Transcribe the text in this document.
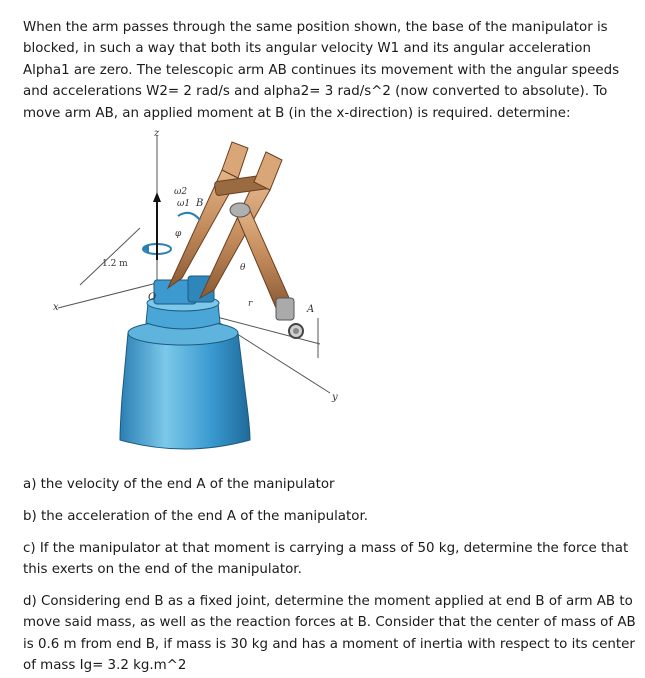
When the arm passes through the same position shown, the base of the manipulator is blocked, in such a way that both its angular velocity W1 and its angular acceleration Alpha1 are zero. The telescopic arm AB continues its movement with the angular speeds and accelerations W2= 2 rad/s and alpha2= 3 rad/s^2 (now converted to absolute). To move arm AB, an applied moment at B (in the x-direction) is required. determine:
z
x
y
1.2 m
ω1
ω2
B
φ
θ
r	A
O
a) the velocity of the end A of the manipulator
b) the acceleration of the end A of the manipulator.
c) If the manipulator at that moment is carrying a mass of 50 kg, determine the force that this exerts on the end of the manipulator.
d) Considering end B as a fixed joint, determine the moment applied at end B of arm AB to move said mass, as well as the reaction forces at B. Consider that the center of mass of AB is 0.6 m from end B, if mass is 30 kg and has a moment of inertia with respect to its center of mass Ig= 3.2 kg.m^2
